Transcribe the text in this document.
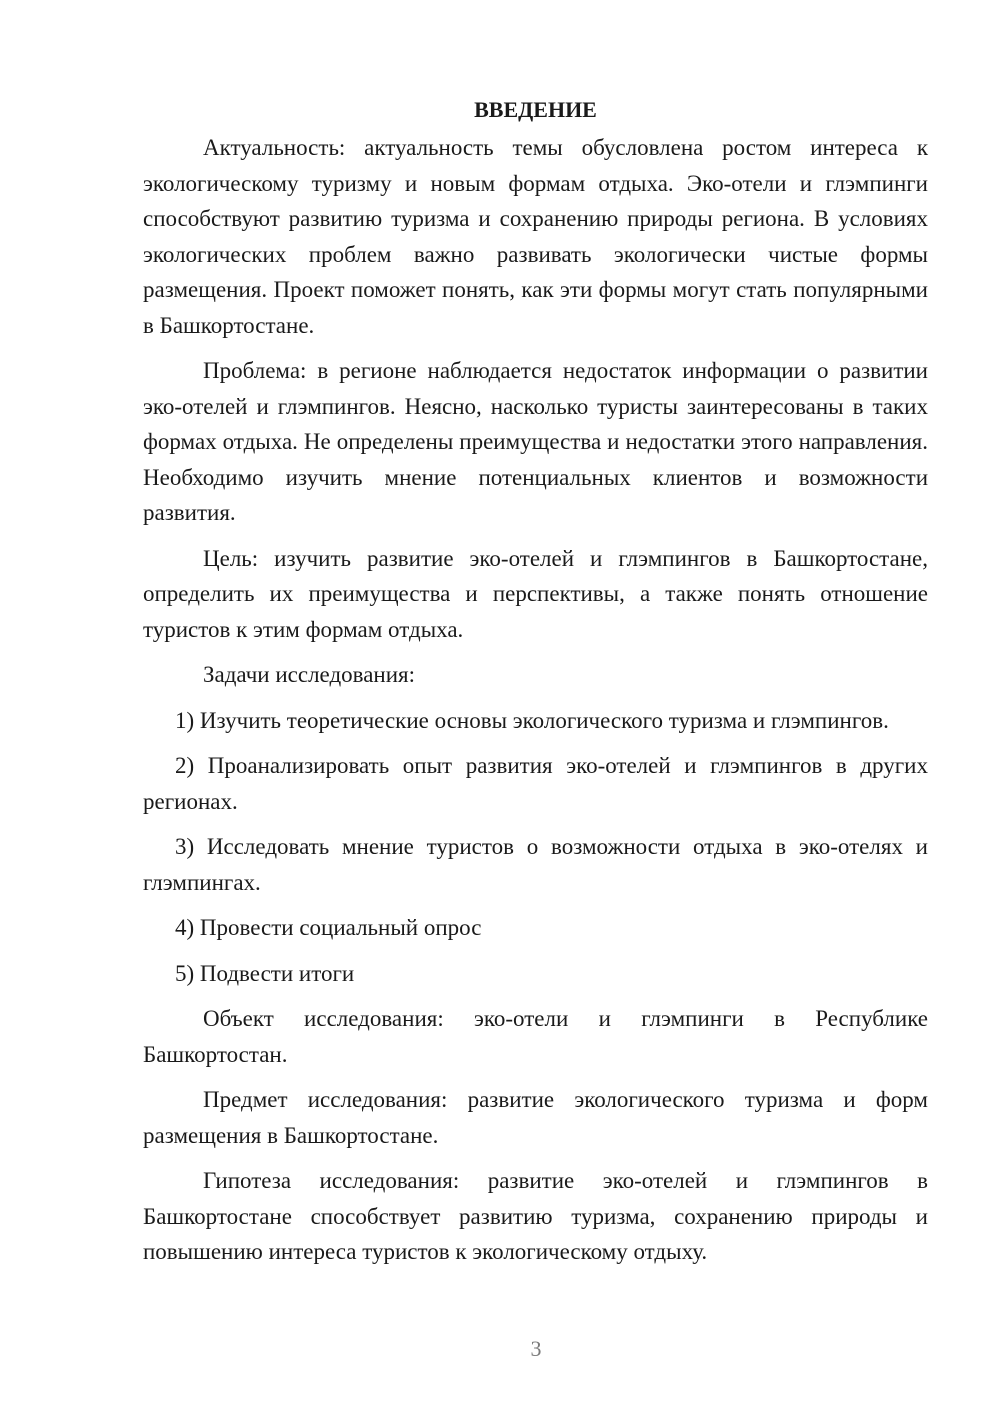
ВВЕДЕНИЕ

Актуальность: актуальность темы обусловлена ростом интереса к экологическому туризму и новым формам отдыха. Эко-отели и глэмпинги способствуют развитию туризма и сохранению природы региона. В условиях экологических проблем важно развивать экологически чистые формы размещения. Проект поможет понять, как эти формы могут стать популярными в Башкортостане.

Проблема: в регионе наблюдается недостаток информации о развитии эко-отелей и глэмпингов. Неясно, насколько туристы заинтересованы в таких формах отдыха. Не определены преимущества и недостатки этого направления. Необходимо изучить мнение потенциальных клиентов и возможности развития.

Цель: изучить развитие эко-отелей и глэмпингов в Башкортостане, определить их преимущества и перспективы, а также понять отношение туристов к этим формам отдыха.

Задачи исследования:

1) Изучить теоретические основы экологического туризма и глэмпингов.

2) Проанализировать опыт развития эко-отелей и глэмпингов в других регионах.

3) Исследовать мнение туристов о возможности отдыха в эко-отелях и глэмпингах.

4) Провести социальный опрос

5) Подвести итоги

Объект исследования: эко-отели и глэмпинги в Республике Башкортостан.

Предмет исследования: развитие экологического туризма и форм размещения в Башкортостане.

Гипотеза исследования: развитие эко-отелей и глэмпингов в Башкортостане способствует развитию туризма, сохранению природы и повышению интереса туристов к экологическому отдыху.

3
